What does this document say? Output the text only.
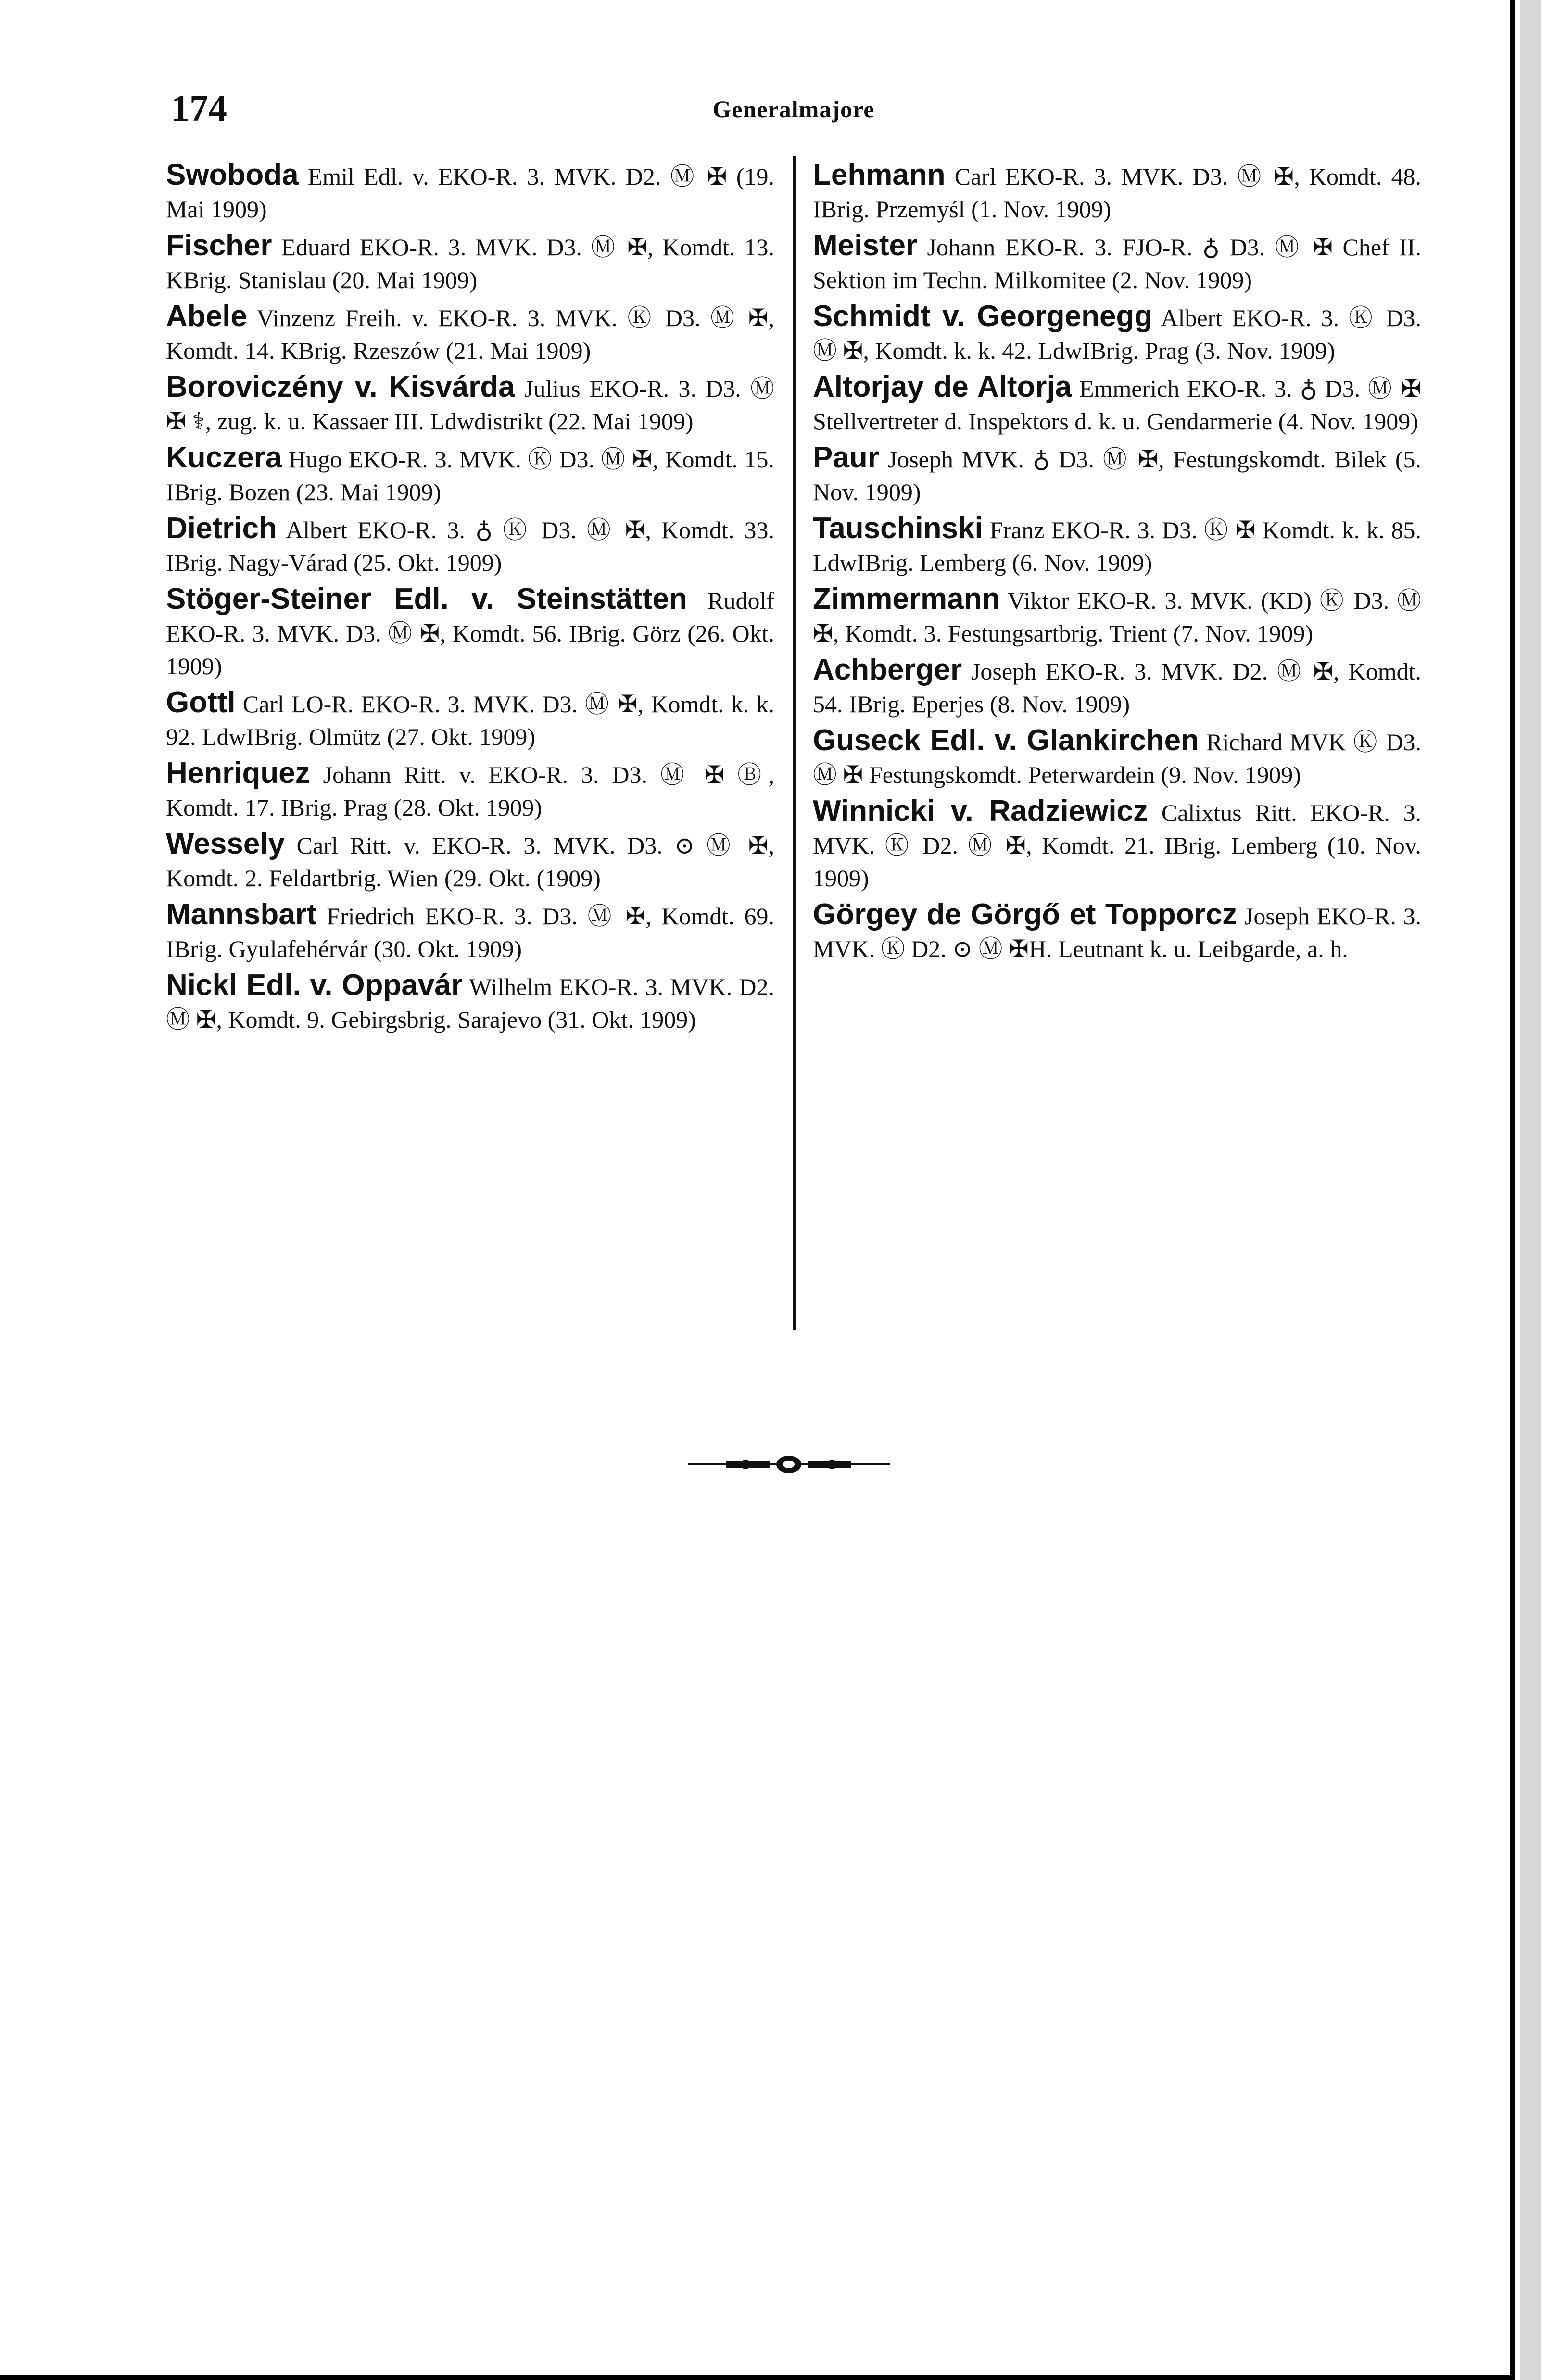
174	Generalmajore
Swoboda Emil Edl. v. EKO-R. 3. MVK. D2. Ⓜ ✠ (19. Mai 1909)
Fischer Eduard EKO-R. 3. MVK. D3. Ⓜ ✠, Komdt. 13. KBrig. Stanislau (20. Mai 1909)
Abele Vinzenz Freih. v. EKO-R. 3. MVK. Ⓚ D3. Ⓜ ✠, Komdt. 14. KBrig. Rzeszów (21. Mai 1909)
Boroviczény v. Kisvárda Julius EKO-R. 3. D3. Ⓜ ✠ ⚕, zug. k. u. Kassaer III. Ldwdistrikt (22. Mai 1909)
Kuczera Hugo EKO-R. 3. MVK. Ⓚ D3. Ⓜ ✠, Komdt. 15. IBrig. Bozen (23. Mai 1909)
Dietrich Albert EKO-R. 3. ♁ Ⓚ D3. Ⓜ ✠, Komdt. 33. IBrig. Nagy-Várad (25. Okt. 1909)
Stöger-Steiner Edl. v. Steinstätten Rudolf EKO-R. 3. MVK. D3. Ⓜ ✠, Komdt. 56. IBrig. Görz (26. Okt. 1909)
Gottl Carl LO-R. EKO-R. 3. MVK. D3. Ⓜ ✠, Komdt. k. k. 92. LdwIBrig. Olmütz (27. Okt. 1909)
Henriquez Johann Ritt. v. EKO-R. 3. D3. Ⓜ ✠ Ⓑ, Komdt. 17. IBrig. Prag (28. Okt. 1909)
Wessely Carl Ritt. v. EKO-R. 3. MVK. D3. ⊙ Ⓜ ✠, Komdt. 2. Feldartbrig. Wien (29. Okt. (1909)
Mannsbart Friedrich EKO-R. 3. D3. Ⓜ ✠, Komdt. 69. IBrig. Gyulafehérvár (30. Okt. 1909)
Nickl Edl. v. Oppavár Wilhelm EKO-R. 3. MVK. D2. Ⓜ ✠, Komdt. 9. Gebirgsbrig. Sarajevo (31. Okt. 1909)
Lehmann Carl EKO-R. 3. MVK. D3. Ⓜ ✠, Komdt. 48. IBrig. Przemyśl (1. Nov. 1909)
Meister Johann EKO-R. 3. FJO-R. ♁ D3. Ⓜ ✠ Chef II. Sektion im Techn. Milkomitee (2. Nov. 1909)
Schmidt v. Georgenegg Albert EKO-R. 3. Ⓚ D3. Ⓜ ✠, Komdt. k. k. 42. LdwIBrig. Prag (3. Nov. 1909)
Altorjay de Altorja Emmerich EKO-R. 3. ♁ D3. Ⓜ ✠ Stellvertreter d. Inspektors d. k. u. Gendarmerie (4. Nov. 1909)
Paur Joseph MVK. ♁ D3. Ⓜ ✠, Festungskomdt. Bilek (5. Nov. 1909)
Tauschinski Franz EKO-R. 3. D3. Ⓚ ✠ Komdt. k. k. 85. LdwIBrig. Lemberg (6. Nov. 1909)
Zimmermann Viktor EKO-R. 3. MVK. (KD) Ⓚ D3. Ⓜ ✠, Komdt. 3. Festungsartbrig. Trient (7. Nov. 1909)
Achberger Joseph EKO-R. 3. MVK. D2. Ⓜ ✠, Komdt. 54. IBrig. Eperjes (8. Nov. 1909)
Guseck Edl. v. Glankirchen Richard MVK Ⓚ D3. Ⓜ ✠ Festungskomdt. Peterwardein (9. Nov. 1909)
Winnicki v. Radziewicz Calixtus Ritt. EKO-R. 3. MVK. Ⓚ D2. Ⓜ ✠, Komdt. 21. IBrig. Lemberg (10. Nov. 1909)
Görgey de Görgő et Topporcz Joseph EKO-R. 3. MVK. Ⓚ D2. ⊙ Ⓜ ✠H. Leutnant k. u. Leibgarde, a. h.
